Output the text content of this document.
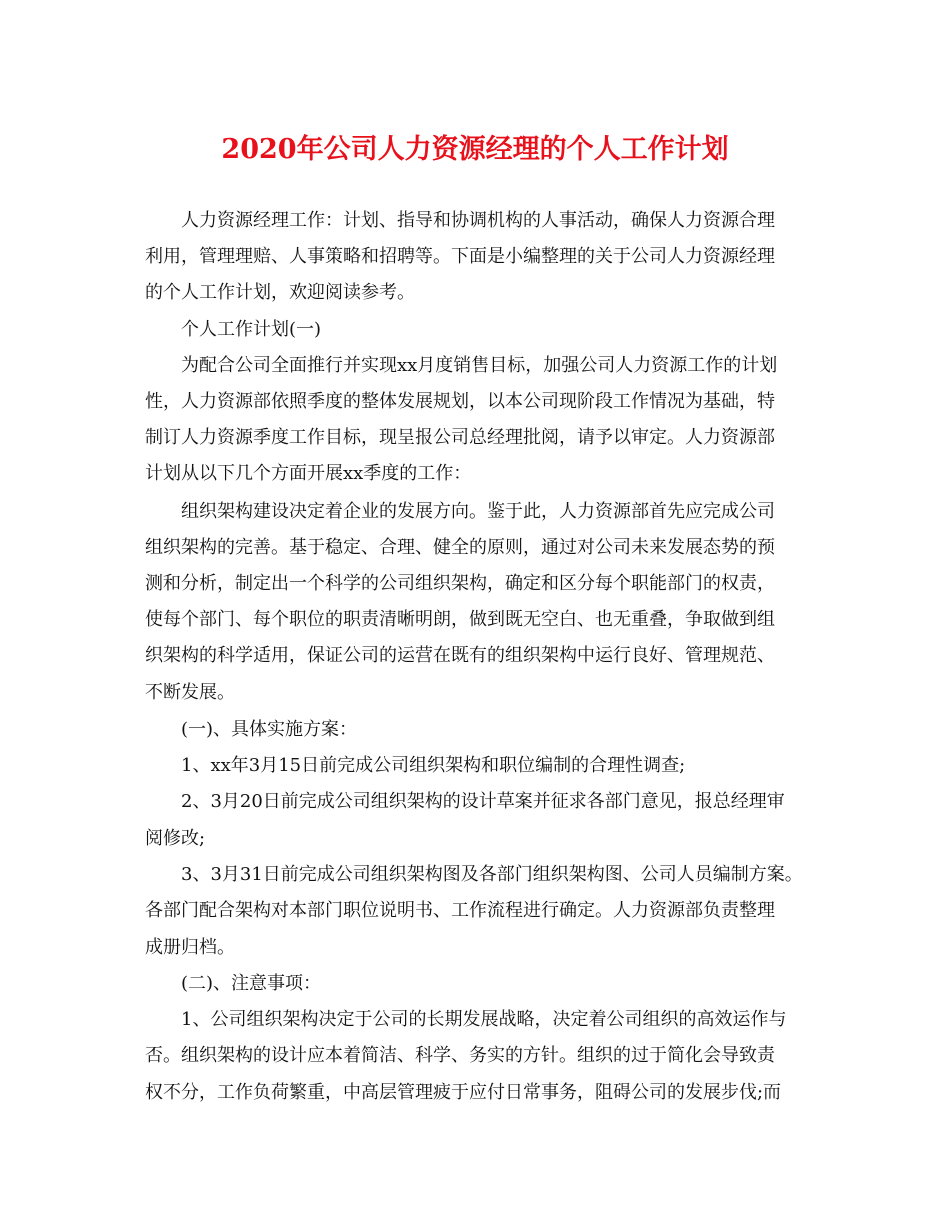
2020年公司人力资源经理的个人工作计划

人力资源经理工作：计划、指导和协调机构的人事活动，确保人力资源合理

利用，管理理赔、人事策略和招聘等。下面是小编整理的关于公司人力资源经理

的个人工作计划，欢迎阅读参考。

个人工作计划(一)

为配合公司全面推行并实现xx月度销售目标，加强公司人力资源工作的计划

性，人力资源部依照季度的整体发展规划，以本公司现阶段工作情况为基础，特

制订人力资源季度工作目标，现呈报公司总经理批阅，请予以审定。人力资源部

计划从以下几个方面开展xx季度的工作：

组织架构建设决定着企业的发展方向。鉴于此，人力资源部首先应完成公司

组织架构的完善。基于稳定、合理、健全的原则，通过对公司未来发展态势的预

测和分析，制定出一个科学的公司组织架构，确定和区分每个职能部门的权责，

使每个部门、每个职位的职责清晰明朗，做到既无空白、也无重叠，争取做到组

织架构的科学适用，保证公司的运营在既有的组织架构中运行良好、管理规范、

不断发展。

(一)、具体实施方案：

1、xx年3月15日前完成公司组织架构和职位编制的合理性调查;

2、3月20日前完成公司组织架构的设计草案并征求各部门意见，报总经理审

阅修改;

3、3月31日前完成公司组织架构图及各部门组织架构图、公司人员编制方案。

各部门配合架构对本部门职位说明书、工作流程进行确定。人力资源部负责整理

成册归档。

(二)、注意事项：

1、公司组织架构决定于公司的长期发展战略，决定着公司组织的高效运作与

否。组织架构的设计应本着简洁、科学、务实的方针。组织的过于简化会导致责

权不分，工作负荷繁重，中高层管理疲于应付日常事务，阻碍公司的发展步伐;而
